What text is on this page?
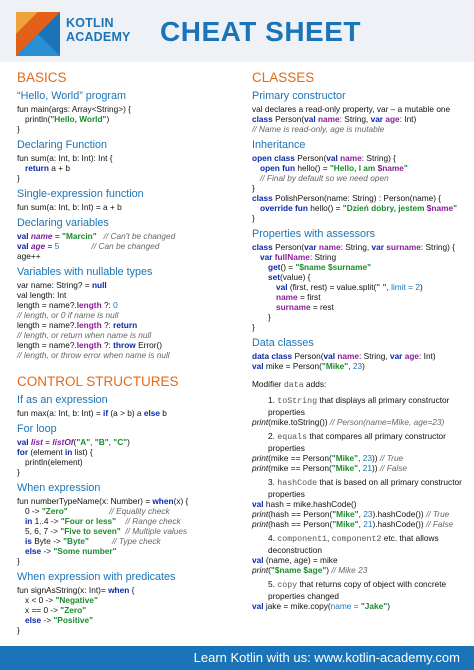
KOTLIN
ACADEMY CHEAT SHEET
BASICS
“Hello, World” program
fun main(args: Array<String>) {
println("Hello, World")
}
Declaring Function
fun sum(a: Int, b: Int): Int {
return a + b
}
Single-expression function
fun sum(a: Int, b: Int) = a + b
Declaring variables
val name = "Marcin" // Can't be changed
val age = 5	// Can be changed
age++
Variables with nullable types
var name: String? = null
val length: Int
length = name?.length ?: 0
// length, or 0 if name is null
length = name?.length ?: return
// length, or return when name is null
length = name?.length ?: throw Error()
// length, or throw error when name is null
CONTROL STRUCTURES
If as an expression
fun max(a: Int, b: Int) = if (a > b) a else b
For loop
val list = listOf("A", "B", "C")
for (element in list) {
println(element)
}
When expression
fun numberTypeName(x: Number) = when(x) {
0 -> "Zero"	// Equality check
in 1..4 -> "Four or less" // Range check
5, 6, 7 -> "Five to seven" // Multiple values
is Byte -> "Byte"	// Type check
else -> "Some number"
}
When expression with predicates
fun signAsString(x: Int)= when {
x < 0 -> "Negative"
x == 0 -> "Zero"
else -> "Positive"
}
CLASSES
Primary constructor
val declares a read-only property, var – a mutable one
class Person(val name: String, var age: Int)
// Name is read-only, age is mutable
Inheritance
open class Person(val name: String) {
open fun hello() = "Hello, I am $name"
// Final by default so we need open
}
class PolishPerson(name: String) : Person(name) {
override fun hello() = "Dzień dobry, jestem $name"
}
Properties with assessors
class Person(var name: String, var surname: String) {
var fullName: String
get() = "$name $surname"
set(value) {
val (first, rest) = value.split(" ", limit = 2)
name = first
surname = rest
}
}
Data classes
data class Person(val name: String, var age: Int)
val mike = Person("Mike", 23)
Modifier data adds:
1. toString that displays all primary constructor properties
print(mike.toString()) // Person(name=Mike, age=23)
2. equals that compares all primary constructor properties
print(mike == Person("Mike", 23)) // True
print(mike == Person("Mike", 21)) // False
3. hashCode that is based on all primary constructor properties
val hash = mike.hashCode()
print(hash == Person("Mike", 23).hashCode()) // True
print(hash == Person("Mike", 21).hashCode()) // False
4. component1, component2 etc. that allows deconstruction
val (name, age) = mike
print("$name $age") // Mike 23
5. copy that returns copy of object with concrete properties changed
val jake = mike.copy(name = "Jake")
Learn Kotlin with us: www.kotlin-academy.com
